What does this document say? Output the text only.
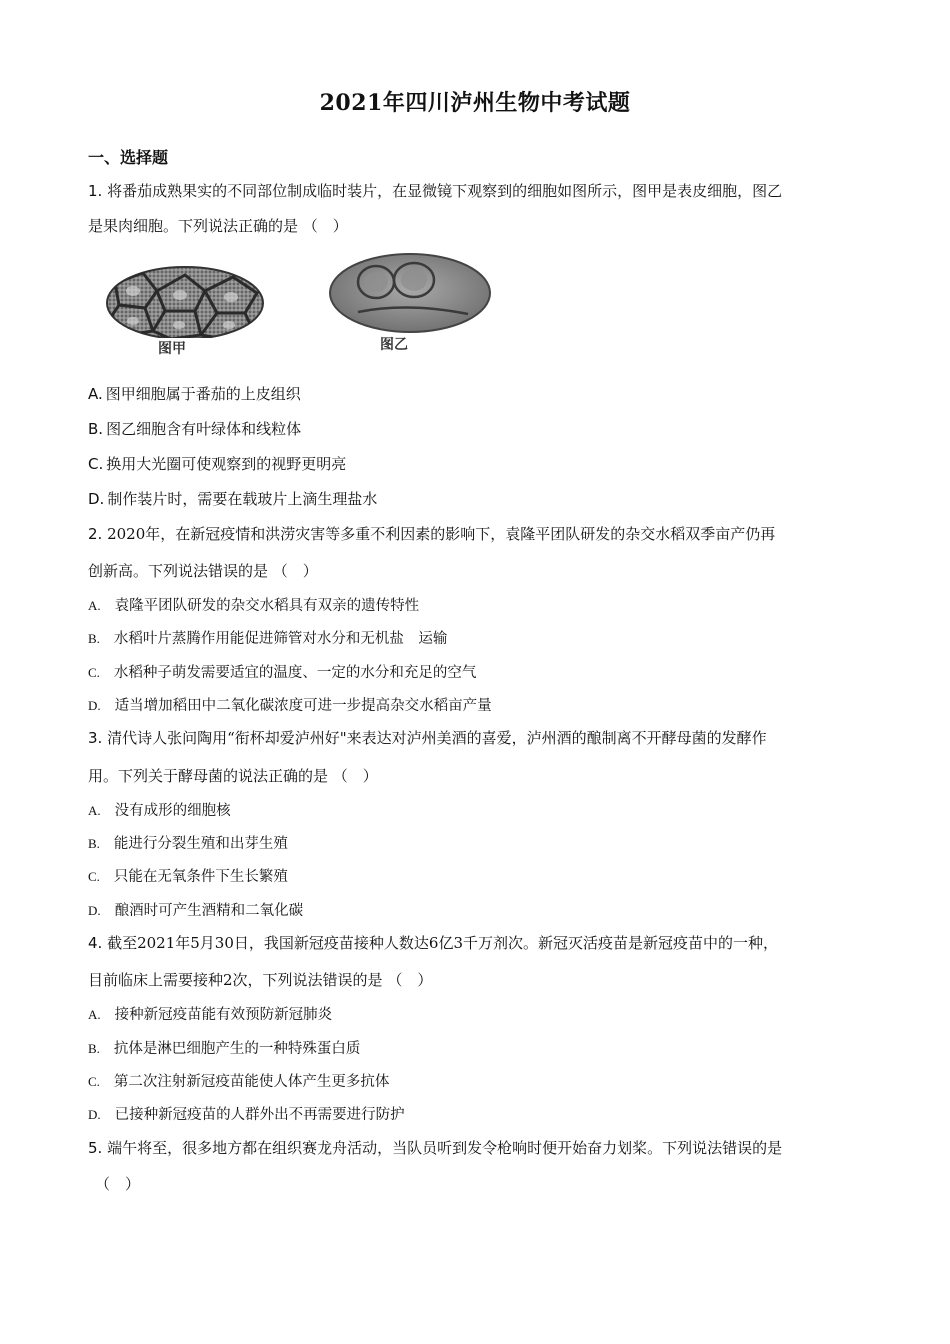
2021年四川泸州生物中考试题
一、选择题
1. 将番茄成熟果实的不同部位制成临时装片，在显微镜下观察到的细胞如图所示，图甲是表皮细胞，图乙
是果肉细胞。下列说法正确的是 （　）
图甲	图乙
A. 图甲细胞属于番茄的上皮组织
B. 图乙细胞含有叶绿体和线粒体
C. 换用大光圈可使观察到的视野更明亮
D. 制作装片时，需要在载玻片上滴生理盐水
2. 2020年，在新冠疫情和洪涝灾害等多重不利因素的影响下，袁隆平团队研发的杂交水稻双季亩产仍再
创新高。下列说法错误的是 （　）
A. 袁隆平团队研发的杂交水稻具有双亲的遗传特性
B. 水稻叶片蒸腾作用能促进筛管对水分和无机盐　运输
C. 水稻种子萌发需要适宜的温度、一定的水分和充足的空气
D. 适当增加稻田中二氧化碳浓度可进一步提高杂交水稻亩产量
3. 清代诗人张问陶用“衔杯却爱泸州好"来表达对泸州美酒的喜爱，泸州酒的酿制离不开酵母菌的发酵作
用。下列关于酵母菌的说法正确的是 （　）
A. 没有成形的细胞核
B. 能进行分裂生殖和出芽生殖
C. 只能在无氧条件下生长繁殖
D. 酿酒时可产生酒精和二氧化碳
4. 截至2021年5月30日，我国新冠疫苗接种人数达6亿3千万剂次。新冠灭活疫苗是新冠疫苗中的一种，
目前临床上需要接种2次，下列说法错误的是 （　）
A. 接种新冠疫苗能有效预防新冠肺炎
B. 抗体是淋巴细胞产生的一种特殊蛋白质
C. 第二次注射新冠疫苗能使人体产生更多抗体
D. 已接种新冠疫苗的人群外出不再需要进行防护
5. 端午将至，很多地方都在组织赛龙舟活动，当队员听到发令枪响时便开始奋力划桨。下列说法错误的是
（　）
